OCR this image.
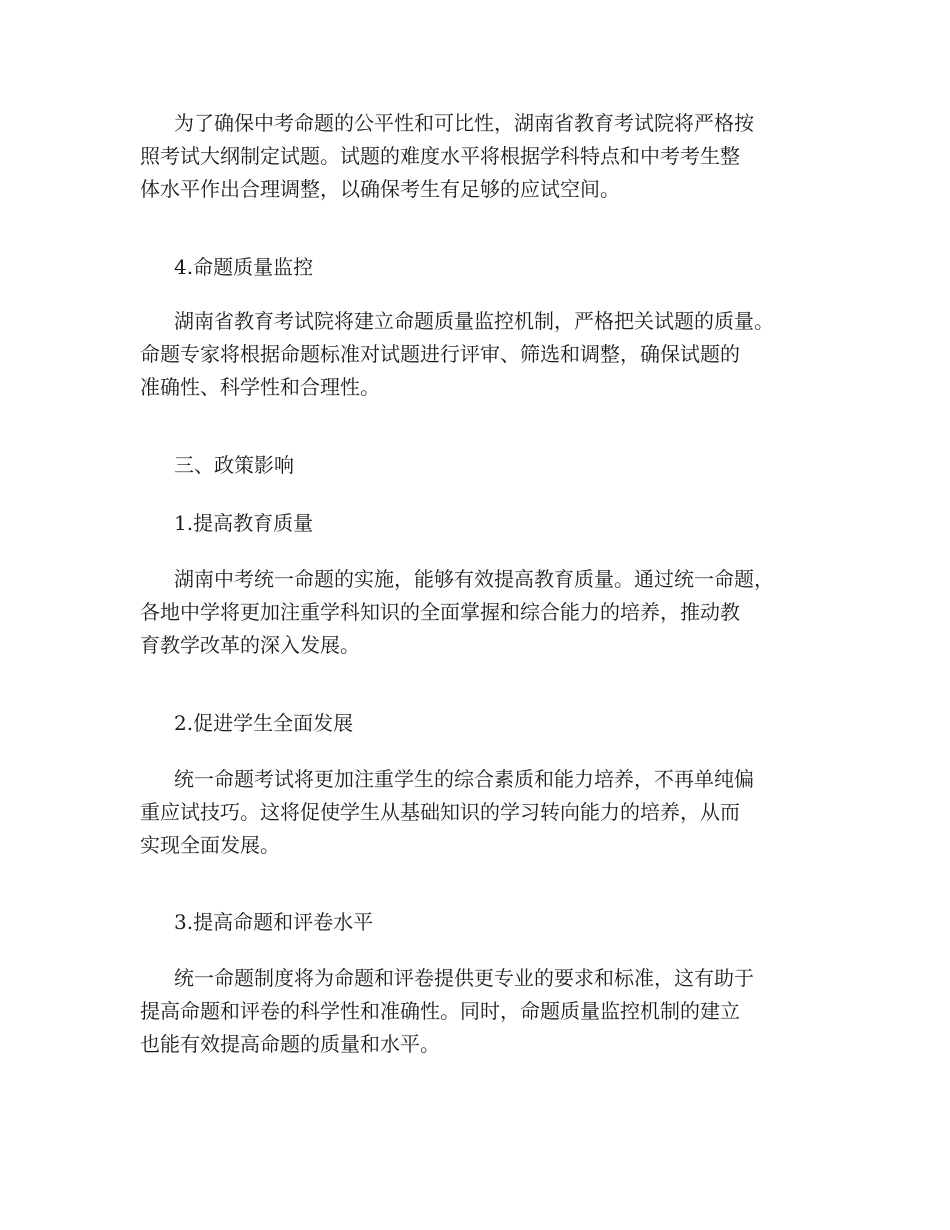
为了确保中考命题的公平性和可比性，湖南省教育考试院将严格按
照考试大纲制定试题。试题的难度水平将根据学科特点和中考考生整
体水平作出合理调整，以确保考生有足够的应试空间。
4.命题质量监控
湖南省教育考试院将建立命题质量监控机制，严格把关试题的质量。
命题专家将根据命题标准对试题进行评审、筛选和调整，确保试题的
准确性、科学性和合理性。
三、政策影响
1.提高教育质量
湖南中考统一命题的实施，能够有效提高教育质量。通过统一命题，
各地中学将更加注重学科知识的全面掌握和综合能力的培养，推动教
育教学改革的深入发展。
2.促进学生全面发展
统一命题考试将更加注重学生的综合素质和能力培养，不再单纯偏
重应试技巧。这将促使学生从基础知识的学习转向能力的培养，从而
实现全面发展。
3.提高命题和评卷水平
统一命题制度将为命题和评卷提供更专业的要求和标准，这有助于
提高命题和评卷的科学性和准确性。同时，命题质量监控机制的建立
也能有效提高命题的质量和水平。
